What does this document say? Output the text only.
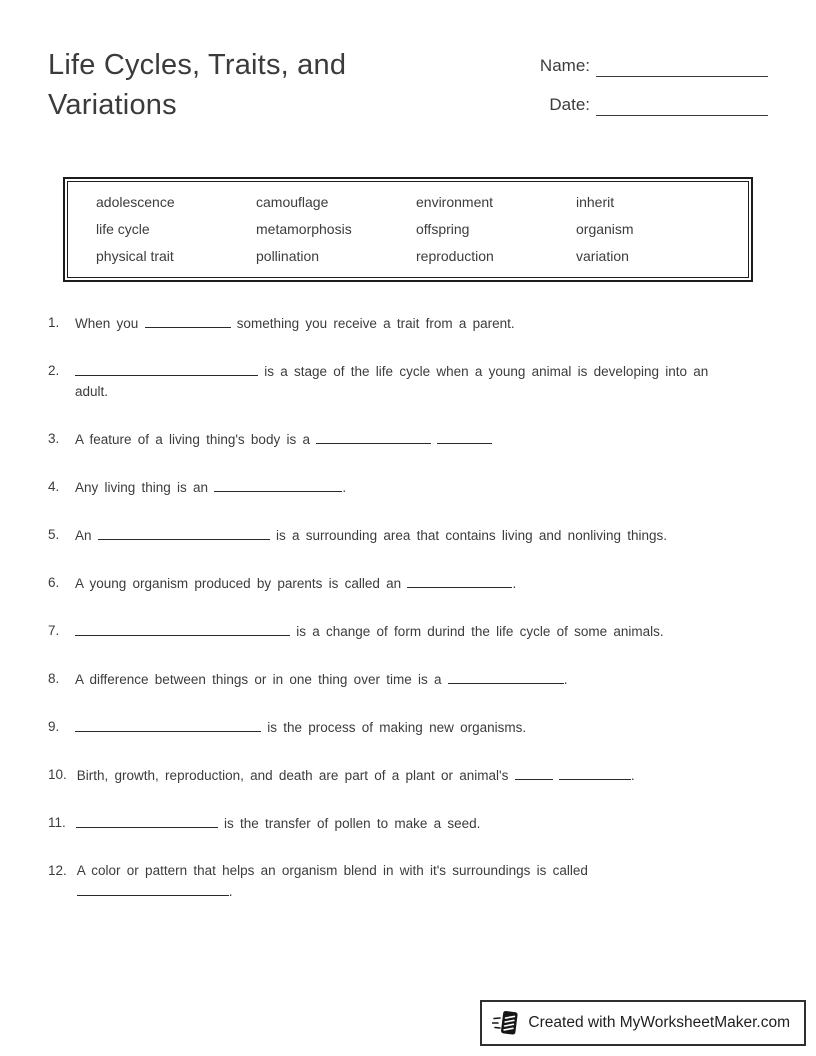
Life Cycles, Traits, and Variations
Name:
Date:
adolescence	camouflage	environment	inherit
life cycle	metamorphosis	offspring	organism
physical trait	pollination	reproduction	variation
1.	When you	something you receive a trait from a parent.
2.	is a stage of the life cycle when a young animal is developing into an
adult.
3.	A feature of a living thing's body is a
4.	Any living thing is an	.
5.	An	is a surrounding area that contains living and nonliving things.
6.	A young organism produced by parents is called an	.
7.	is a change of form durind the life cycle of some animals.
8.	A difference between things or in one thing over time is a	.
9.	is the process of making new organisms.
10. Birth, growth, reproduction, and death are part of a plant or animal's	.
11.	is the transfer of pollen to make a seed.
12. A color or pattern that helps an organism blend in with it's surroundings is called
.
Created with MyWorksheetMaker.com
